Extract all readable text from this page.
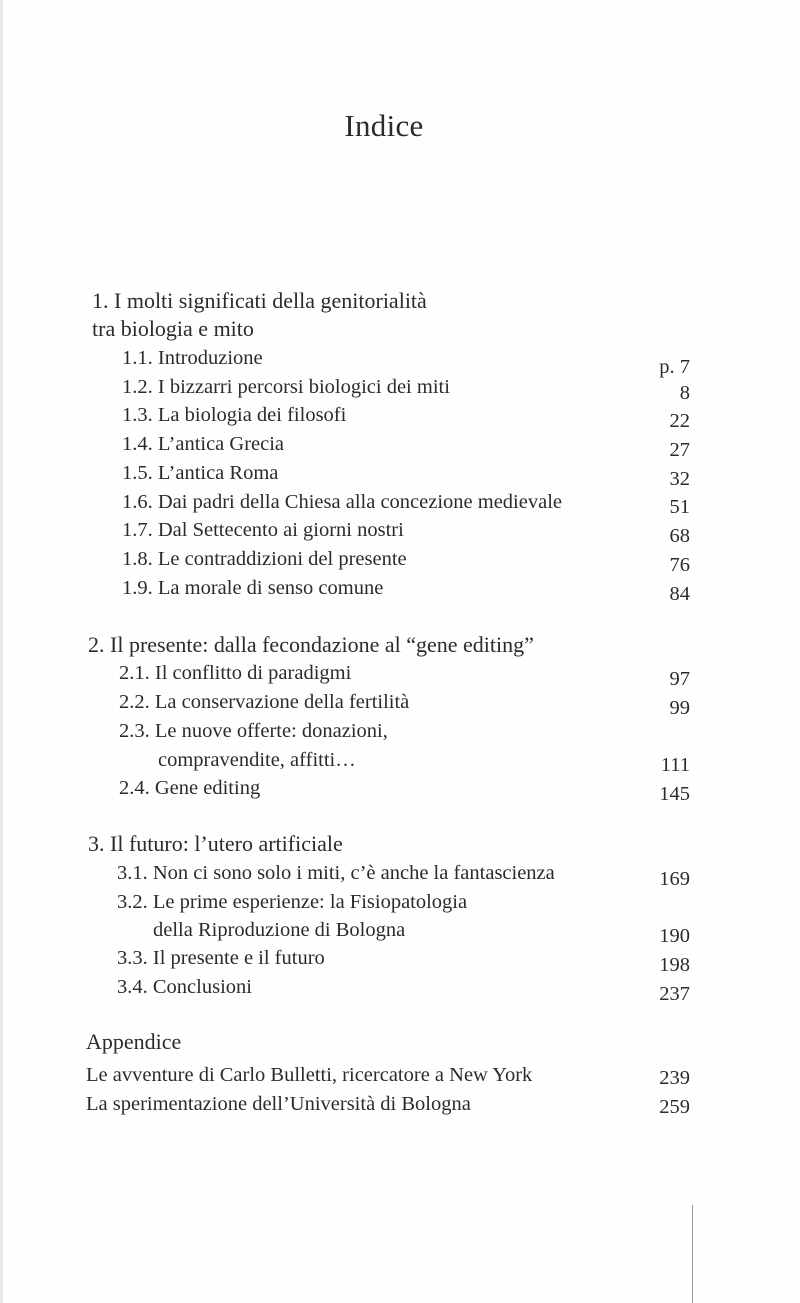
Indice
1. I molti significati della genitorialità
tra biologia e mito
1.1. Introduzione	p. 7
1.2. I bizzarri percorsi biologici dei miti	8
1.3. La biologia dei filosofi	22
1.4. L’antica Grecia	27
1.5. L’antica Roma	32
1.6. Dai padri della Chiesa alla concezione medievale	51
1.7. Dal Settecento ai giorni nostri	68
1.8. Le contraddizioni del presente	76
1.9. La morale di senso comune	84
2. Il presente: dalla fecondazione al “gene editing”
2.1. Il conflitto di paradigmi	97
2.2. La conservazione della fertilità	99
2.3. Le nuove offerte: donazioni,
compravendite, affitti…	111
2.4. Gene editing	145
3. Il futuro: l’utero artificiale
3.1. Non ci sono solo i miti, c’è anche la fantascienza	169
3.2. Le prime esperienze: la Fisiopatologia
della Riproduzione di Bologna	190
3.3. Il presente e il futuro	198
3.4. Conclusioni	237
Appendice
Le avventure di Carlo Bulletti, ricercatore a New York	239
La sperimentazione dell’Università di Bologna	259
